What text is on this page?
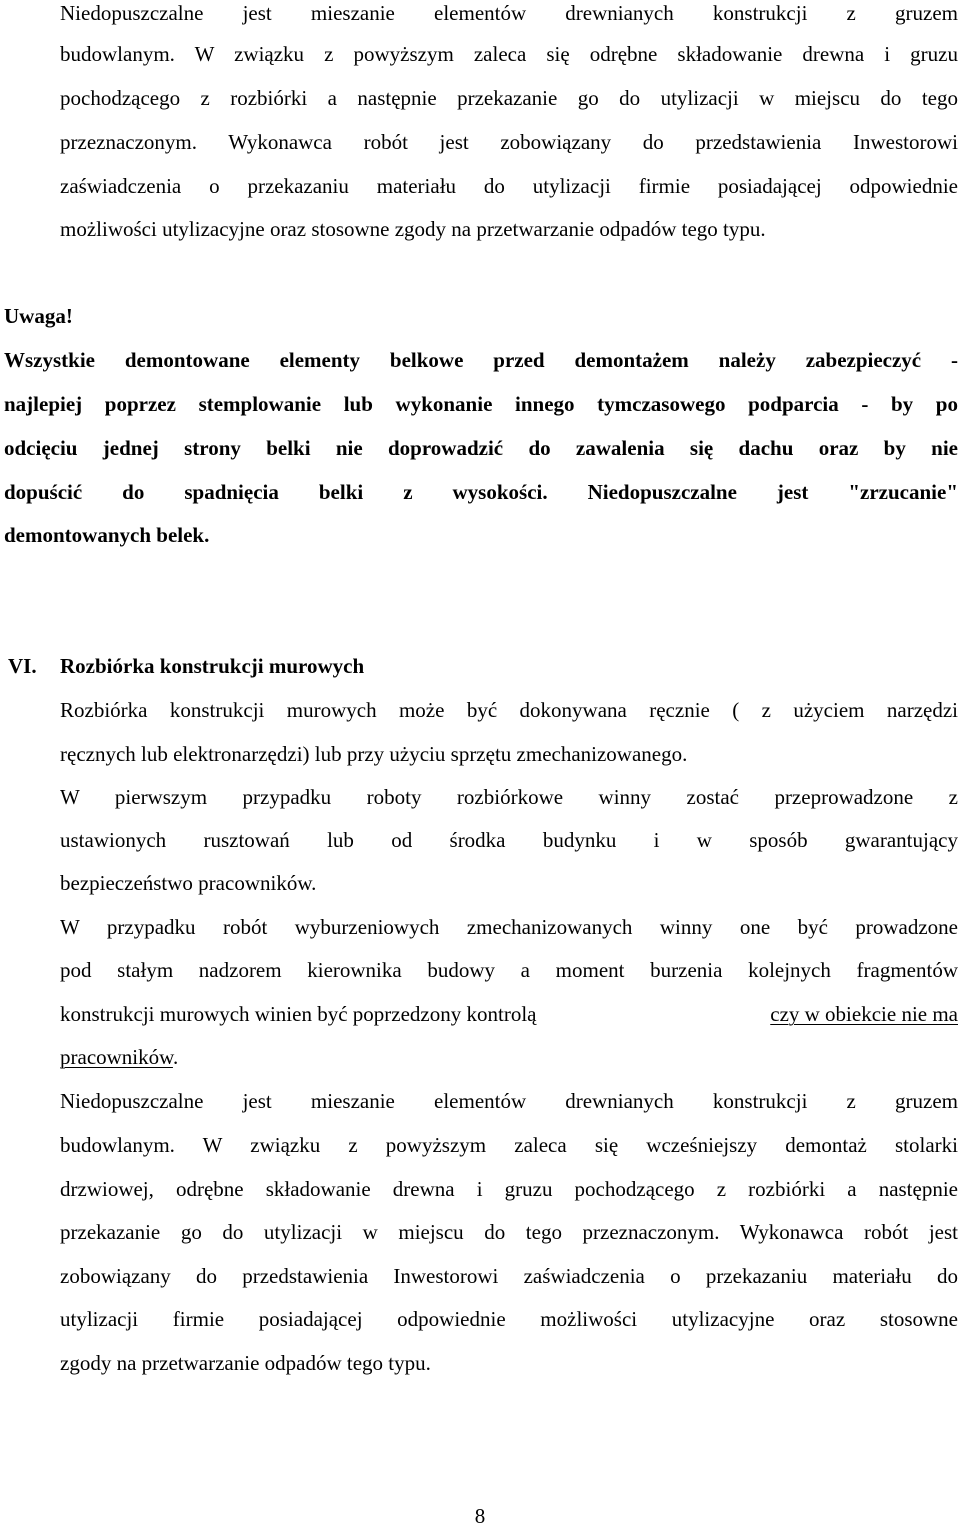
Niedopuszczalne jest mieszanie elementów drewnianych konstrukcji z gruzem
budowlanym. W związku z powyższym zaleca się odrębne składowanie drewna i gruzu
pochodzącego z rozbiórki a następnie przekazanie go do utylizacji w miejscu do tego
przeznaczonym. Wykonawca robót jest zobowiązany do przedstawienia Inwestorowi
zaświadczenia o przekazaniu materiału do utylizacji firmie posiadającej odpowiednie
możliwości utylizacyjne oraz stosowne zgody na przetwarzanie odpadów tego typu.
Uwaga!
Wszystkie demontowane elementy belkowe przed demontażem należy zabezpieczyć -
najlepiej poprzez stemplowanie lub wykonanie innego tymczasowego podparcia - by po
odcięciu jednej strony belki nie doprowadzić do zawalenia się dachu oraz by nie
dopuścić do spadnięcia belki z wysokości. Niedopuszczalne jest "zrzucanie"
demontowanych belek.
VI. Rozbiórka konstrukcji murowych
Rozbiórka konstrukcji murowych może być dokonywana ręcznie ( z użyciem narzędzi
ręcznych lub elektronarzędzi) lub przy użyciu sprzętu zmechanizowanego.
W pierwszym przypadku roboty rozbiórkowe winny zostać przeprowadzone z
ustawionych rusztowań lub od środka budynku i w sposób gwarantujący
bezpieczeństwo pracowników.
W przypadku robót wyburzeniowych zmechanizowanych winny one być prowadzone
pod stałym nadzorem kierownika budowy a moment burzenia kolejnych fragmentów
konstrukcji murowych winien być poprzedzony kontrolą	czy w obiekcie nie ma
pracowników.
Niedopuszczalne jest mieszanie elementów drewnianych konstrukcji z gruzem
budowlanym. W związku z powyższym zaleca się wcześniejszy demontaż stolarki
drzwiowej, odrębne składowanie drewna i gruzu pochodzącego z rozbiórki a następnie
przekazanie go do utylizacji w miejscu do tego przeznaczonym. Wykonawca robót jest
zobowiązany do przedstawienia Inwestorowi zaświadczenia o przekazaniu materiału do
utylizacji firmie posiadającej odpowiednie możliwości utylizacyjne oraz stosowne
zgody na przetwarzanie odpadów tego typu.
8
